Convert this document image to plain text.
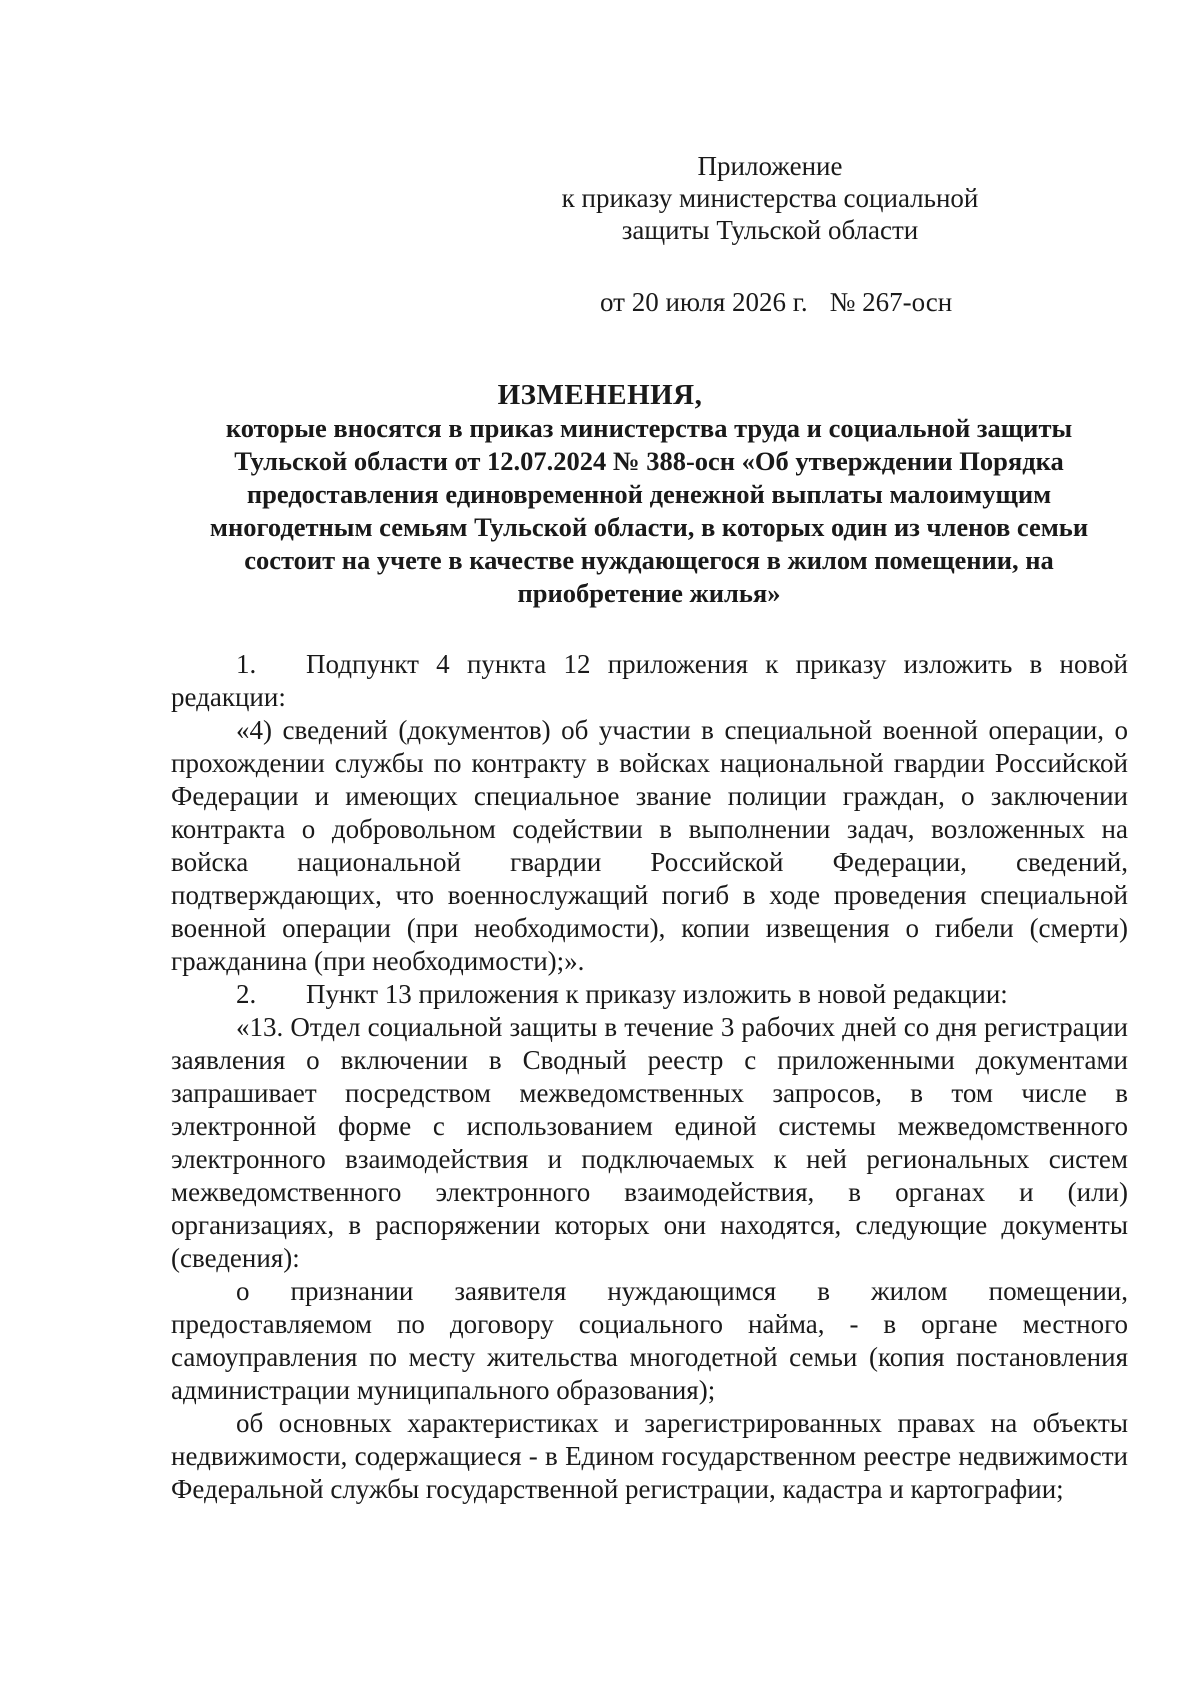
Приложение
к приказу министерства социальной
защиты Тульской области
от 20 июля 2026 г. № 267-осн
ИЗМЕНЕНИЯ,
которые вносятся в приказ министерства труда и социальной защиты Тульской области от 12.07.2024 № 388-осн «Об утверждении Порядка предоставления единовременной денежной выплаты малоимущим многодетным семьям Тульской области, в которых один из членов семьи состоит на учете в качестве нуждающегося в жилом помещении, на приобретение жилья»

1. Подпункт 4 пункта 12 приложения к приказу изложить в новой редакции:

«4) сведений (документов) об участии в специальной военной операции, о прохождении службы по контракту в войсках национальной гвардии Российской Федерации и имеющих специальное звание полиции граждан, о заключении контракта о добровольном содействии в выполнении задач, возложенных на войска национальной гвардии Российской Федерации, сведений, подтверждающих, что военнослужащий погиб в ходе проведения специальной военной операции (при необходимости), копии извещения о гибели (смерти) гражданина (при необходимости);».

2. Пункт 13 приложения к приказу изложить в новой редакции:

«13. Отдел социальной защиты в течение 3 рабочих дней со дня регистрации заявления о включении в Сводный реестр с приложенными документами запрашивает посредством межведомственных запросов, в том числе в электронной форме с использованием единой системы межведомственного электронного взаимодействия и подключаемых к ней региональных систем межведомственного электронного взаимодействия, в органах и (или) организациях, в распоряжении которых они находятся, следующие документы (сведения):

о признании заявителя нуждающимся в жилом помещении, предоставляемом по договору социального найма, - в органе местного самоуправления по месту жительства многодетной семьи (копия постановления администрации муниципального образования);

об основных характеристиках и зарегистрированных правах на объекты недвижимости, содержащиеся - в Едином государственном реестре недвижимости Федеральной службы государственной регистрации, кадастра и картографии;
